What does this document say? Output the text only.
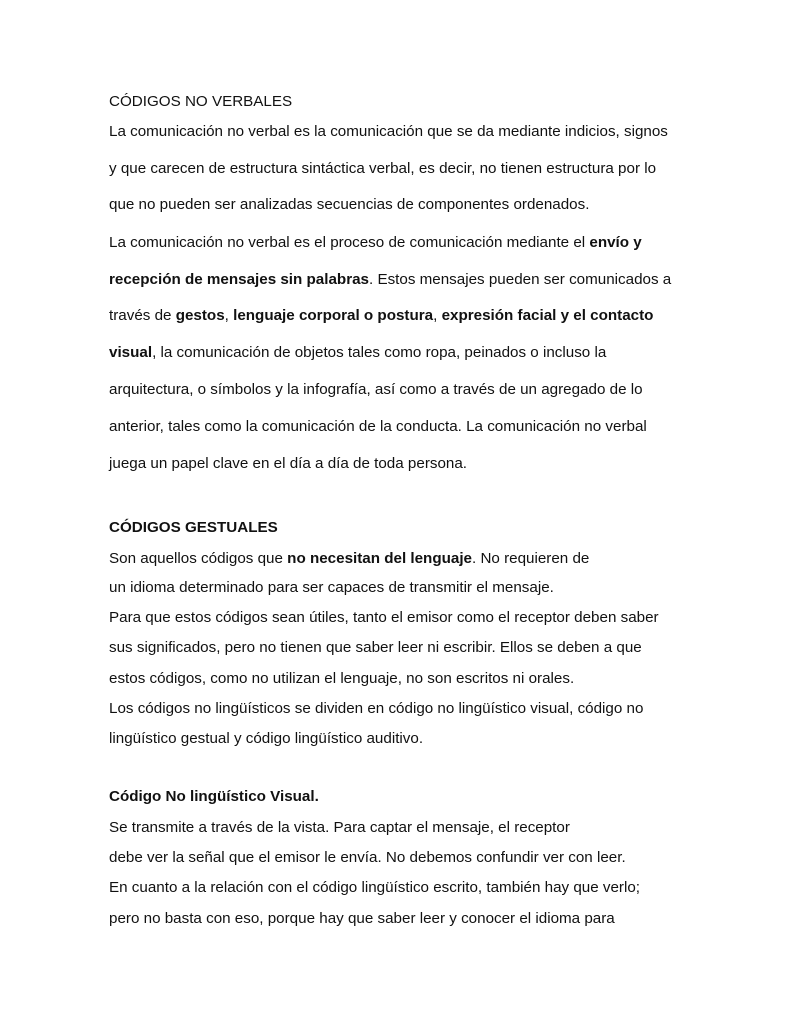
CÓDIGOS NO VERBALES

La comunicación no verbal es la comunicación que se da mediante indicios, signos

y que carecen de estructura sintáctica verbal, es decir, no tienen estructura por lo

que no pueden ser analizadas secuencias de componentes ordenados.

La comunicación no verbal es el proceso de comunicación mediante el envío y

recepción de mensajes sin palabras. Estos mensajes pueden ser comunicados a

través de gestos, lenguaje corporal o postura, expresión facial y el contacto

visual, la comunicación de objetos tales como ropa, peinados o incluso la

arquitectura, o símbolos y la infografía, así como a través de un agregado de lo

anterior, tales como la comunicación de la conducta. La comunicación no verbal

juega un papel clave en el día a día de toda persona.

CÓDIGOS GESTUALES

Son aquellos códigos que no necesitan del lenguaje. No requieren de

un idioma determinado para ser capaces de transmitir el mensaje.

Para que estos códigos sean útiles, tanto el emisor como el receptor deben saber

sus significados, pero no tienen que saber leer ni escribir. Ellos se deben a que

estos códigos, como no utilizan el lenguaje, no son escritos ni orales.

Los códigos no lingüísticos se dividen en código no lingüístico visual, código no

lingüístico gestual y código lingüístico auditivo.

Código No lingüístico Visual.

Se transmite a través de la vista. Para captar el mensaje, el receptor

debe ver la señal que el emisor le envía. No debemos confundir ver con leer.

En cuanto a la relación con el código lingüístico escrito, también hay que verlo;

pero no basta con eso, porque hay que saber leer y conocer el idioma para
